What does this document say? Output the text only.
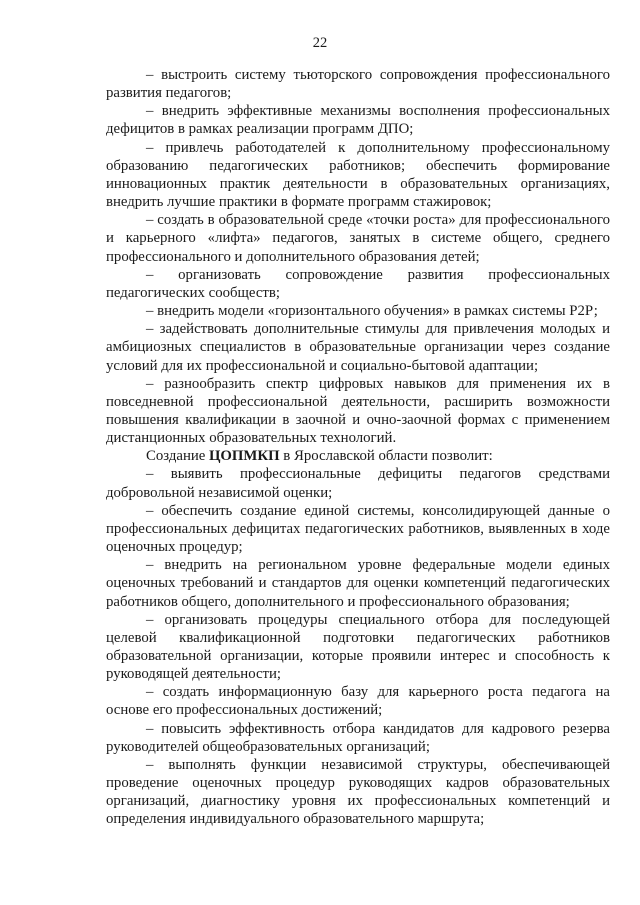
22

– выстроить систему тьюторского сопровождения профессионального развития педагогов;

– внедрить эффективные механизмы восполнения профессиональных дефицитов в рамках реализации программ ДПО;

– привлечь работодателей к дополнительному профессиональному образованию педагогических работников; обеспечить формирование инновационных практик деятельности в образовательных организациях, внедрить лучшие практики в формате программ стажировок;

– создать в образовательной среде «точки роста» для профессионального и карьерного «лифта» педагогов, занятых в системе общего, среднего профессионального и дополнительного образования детей;

– организовать сопровождение развития профессиональных педагогических сообществ;

– внедрить модели «горизонтального обучения» в рамках системы Р2Р;

– задействовать дополнительные стимулы для привлечения молодых и амбициозных специалистов в образовательные организации через создание условий для их профессиональной и социально-бытовой адаптации;

– разнообразить спектр цифровых навыков для применения их в повседневной профессиональной деятельности, расширить возможности повышения квалификации в заочной и очно-заочной формах с применением дистанционных образовательных технологий.

Создание ЦОПМКП в Ярославской области позволит:

– выявить профессиональные дефициты педагогов средствами добровольной независимой оценки;

– обеспечить создание единой системы, консолидирующей данные о профессиональных дефицитах педагогических работников, выявленных в ходе оценочных процедур;

– внедрить на региональном уровне федеральные модели единых оценочных требований и стандартов для оценки компетенций педагогических работников общего, дополнительного и профессионального образования;

– организовать процедуры специального отбора для последующей целевой квалификационной подготовки педагогических работников образовательной организации, которые проявили интерес и способность к руководящей деятельности;

– создать информационную базу для карьерного роста педагога на основе его профессиональных достижений;

– повысить эффективность отбора кандидатов для кадрового резерва руководителей общеобразовательных организаций;

– выполнять функции независимой структуры, обеспечивающей проведение оценочных процедур руководящих кадров образовательных организаций, диагностику уровня их профессиональных компетенций и определения индивидуального образовательного маршрута;
